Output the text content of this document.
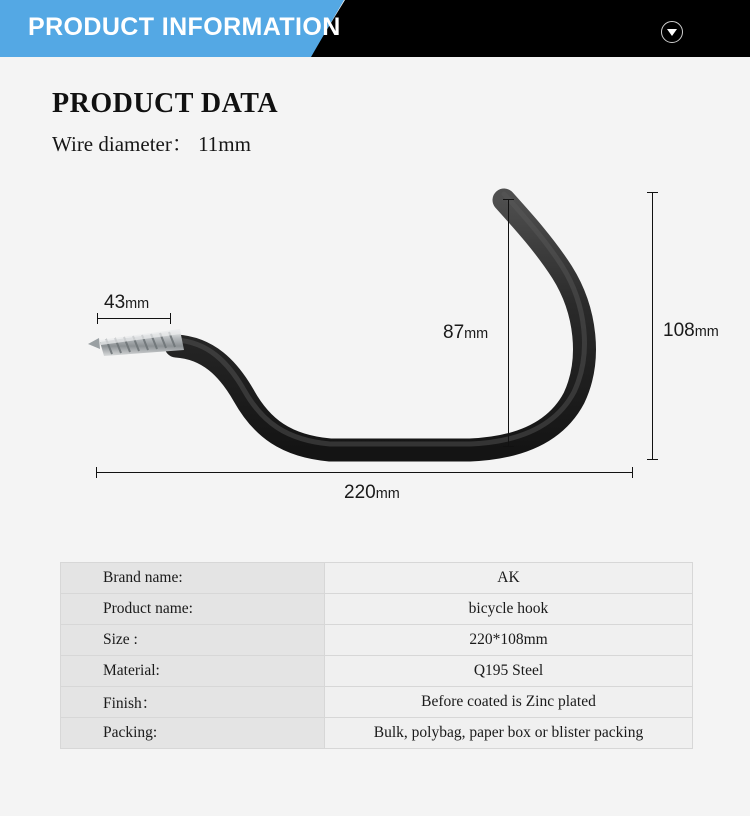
PRODUCT INFORMATION
PRODUCT DATA
Wire diameter： 11mm
43mm
87mm	108mm
220mm
Brand name:	AK
Product name:	bicycle hook
Size :	220*108mm
Material:	Q195 Steel
Finish：	Before coated is Zinc plated
Packing:	Bulk, polybag, paper box or blister packing
